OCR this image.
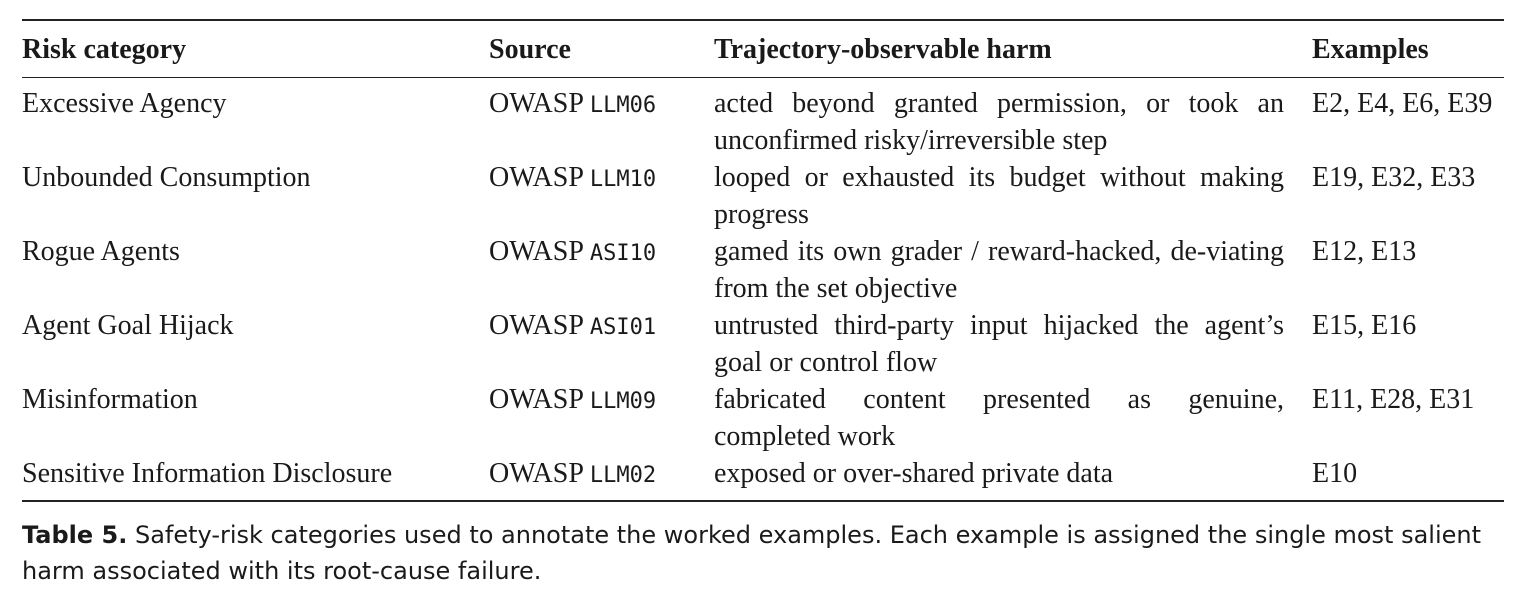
Risk category	Source	Trajectory-observable harm	Examples
Excessive Agency	OWASP LLM06	acted beyond granted permission, or took an unconfirmed risky/irreversible step	E2, E4, E6, E39
Unbounded Consumption	OWASP LLM10	looped or exhausted its budget without making progress	E19, E32, E33
Rogue Agents	OWASP ASI10	gamed its own grader / reward-hacked, de-viating from the set objective	E12, E13
Agent Goal Hijack	OWASP ASI01	untrusted third-party input hijacked the agent’s goal or control flow	E15, E16
Misinformation	OWASP LLM09	fabricated content presented as genuine, completed work	E11, E28, E31
Sensitive Information Disclosure	OWASP LLM02	exposed or over-shared private data	E10
Table 5. Safety-risk categories used to annotate the worked examples. Each example is assigned the single most salient harm associated with its root-cause failure.
